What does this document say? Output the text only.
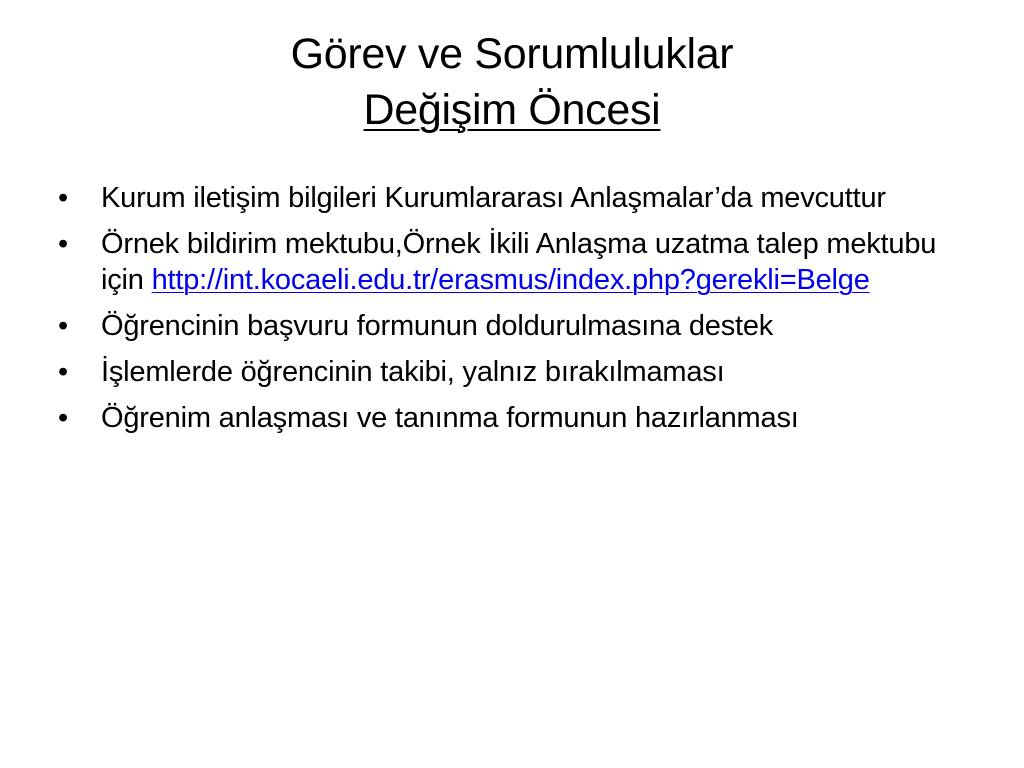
Görev ve Sorumluluklar
Değişim Öncesi
•	Kurum iletişim bilgileri Kurumlararası Anlaşmalar’da mevcuttur
•	Örnek bildirim mektubu,Örnek İkili Anlaşma uzatma talep mektubu için http://int.kocaeli.edu.tr/erasmus/index.php?gerekli=Belge
•	Öğrencinin başvuru formunun doldurulmasına destek
•	İşlemlerde öğrencinin takibi, yalnız bırakılmaması
•	Öğrenim anlaşması ve tanınma formunun hazırlanması
